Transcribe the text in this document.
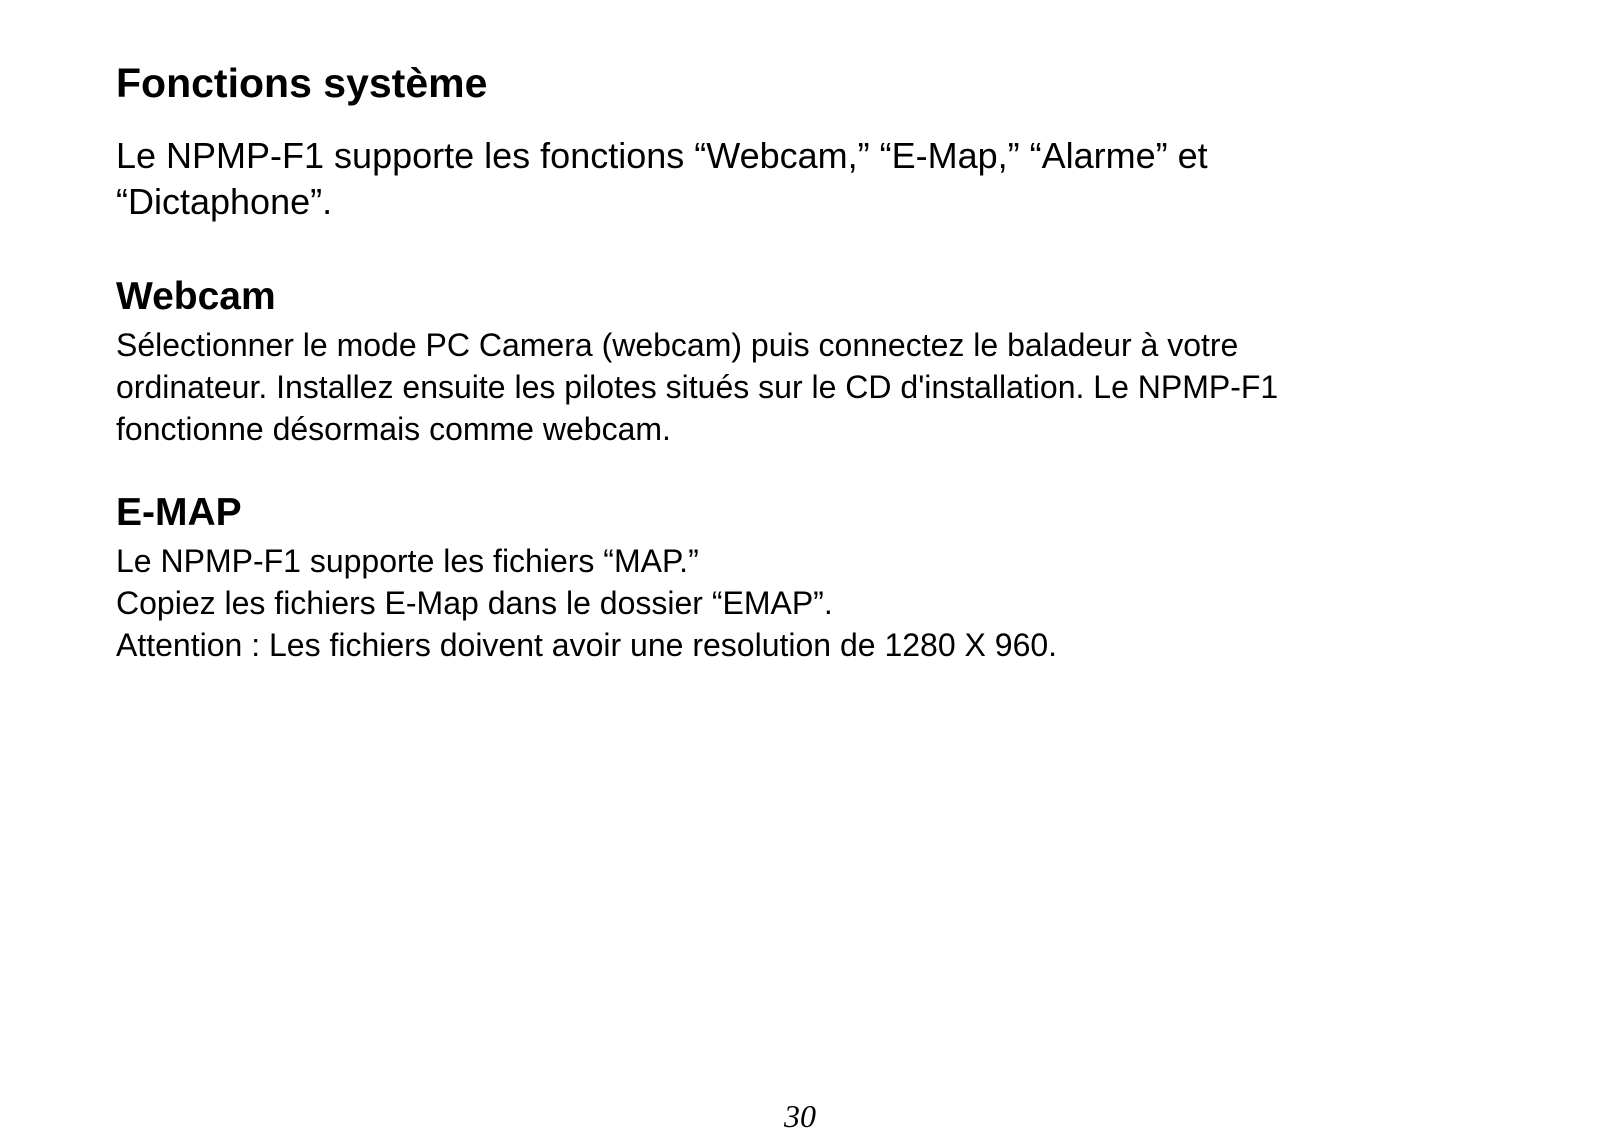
Fonctions système

Le NPMP-F1 supporte les fonctions “Webcam,” “E-Map,” “Alarme” et
“Dictaphone”.

Webcam

Sélectionner le mode PC Camera (webcam) puis connectez le baladeur à votre
ordinateur. Installez ensuite les pilotes situés sur le CD d'installation. Le NPMP-F1
fonctionne désormais comme webcam.

E-MAP

Le NPMP-F1 supporte les fichiers “MAP.”
Copiez les fichiers E-Map dans le dossier “EMAP”.
Attention : Les fichiers doivent avoir une resolution de 1280 X 960.

30
